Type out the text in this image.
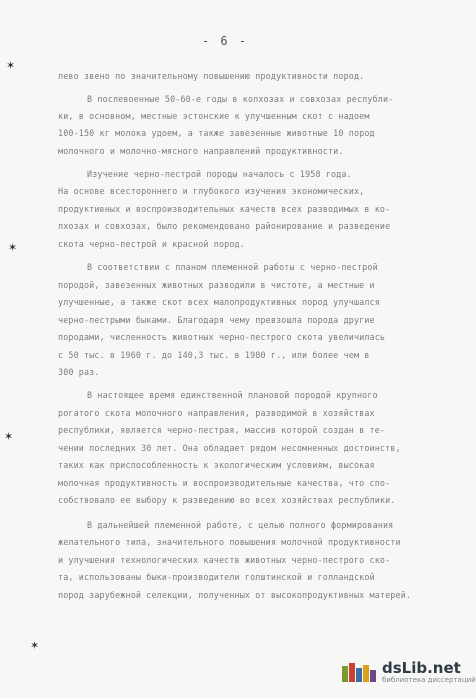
- 6 -
лево звено по значительному повышению продуктивности пород.
В послевоенные 50-60-е годы в колхозах и совхозах республи-
ки, в основном, местные эстонские к улучшенным скот с надоем
100-150 кг молока удоем, а также завезенные животные 10 пород
молочного и молочно-мясного направлений продуктивности.
Изучение черно-пестрой породы началось с 1958 года.
На основе всестороннего и глубокого изучения экономических,
продуктивных и воспроизводительных качеств всех разводимых в ко-
лхозах и совхозах, было рекомендовано районирование и разведение
скота черно-пестрой и красной пород.
В соответствии с планом племенной работы с черно-пестрой
породой, завезенных животных разводили в чистоте, а местные и
улучшенные, а также скот всех малопродуктивных пород улучшался
черно-пестрыми быками. Благодаря чему превзошла порода другие
породами, численность животных черно-пестрого скота увеличилась
с 50 тыс. в 1960 г. до 140,3 тыс. в 1980 г., или более чем в
300 раз.
В настоящее время единственной плановой породой крупного
рогатого скота молочного направления, разводимой в хозяйствах
республики, является черно-пестрая, массив которой создан в те-
чении последних 30 лет. Она обладает рядом несомненных достоинств,
таких как приспособленность к экологическим условиям, высокая
молочная продуктивность и воспроизводительные качества, что спо-
собствовало ее выбору к разведению во всех хозяйствах республики.
В дальнейшей племенной работе, с целью полного формирования
желательного типа, значительного повышения молочной продуктивности
и улучшения технологических качеств животных черно-пестрого ско-
та, использованы быки-производители голштинской и голландской
пород зарубежной селекции, полученных от высокопродуктивных матерей.
✶
✶
✶
✶
dsLib.net
библиотека диссертаций
